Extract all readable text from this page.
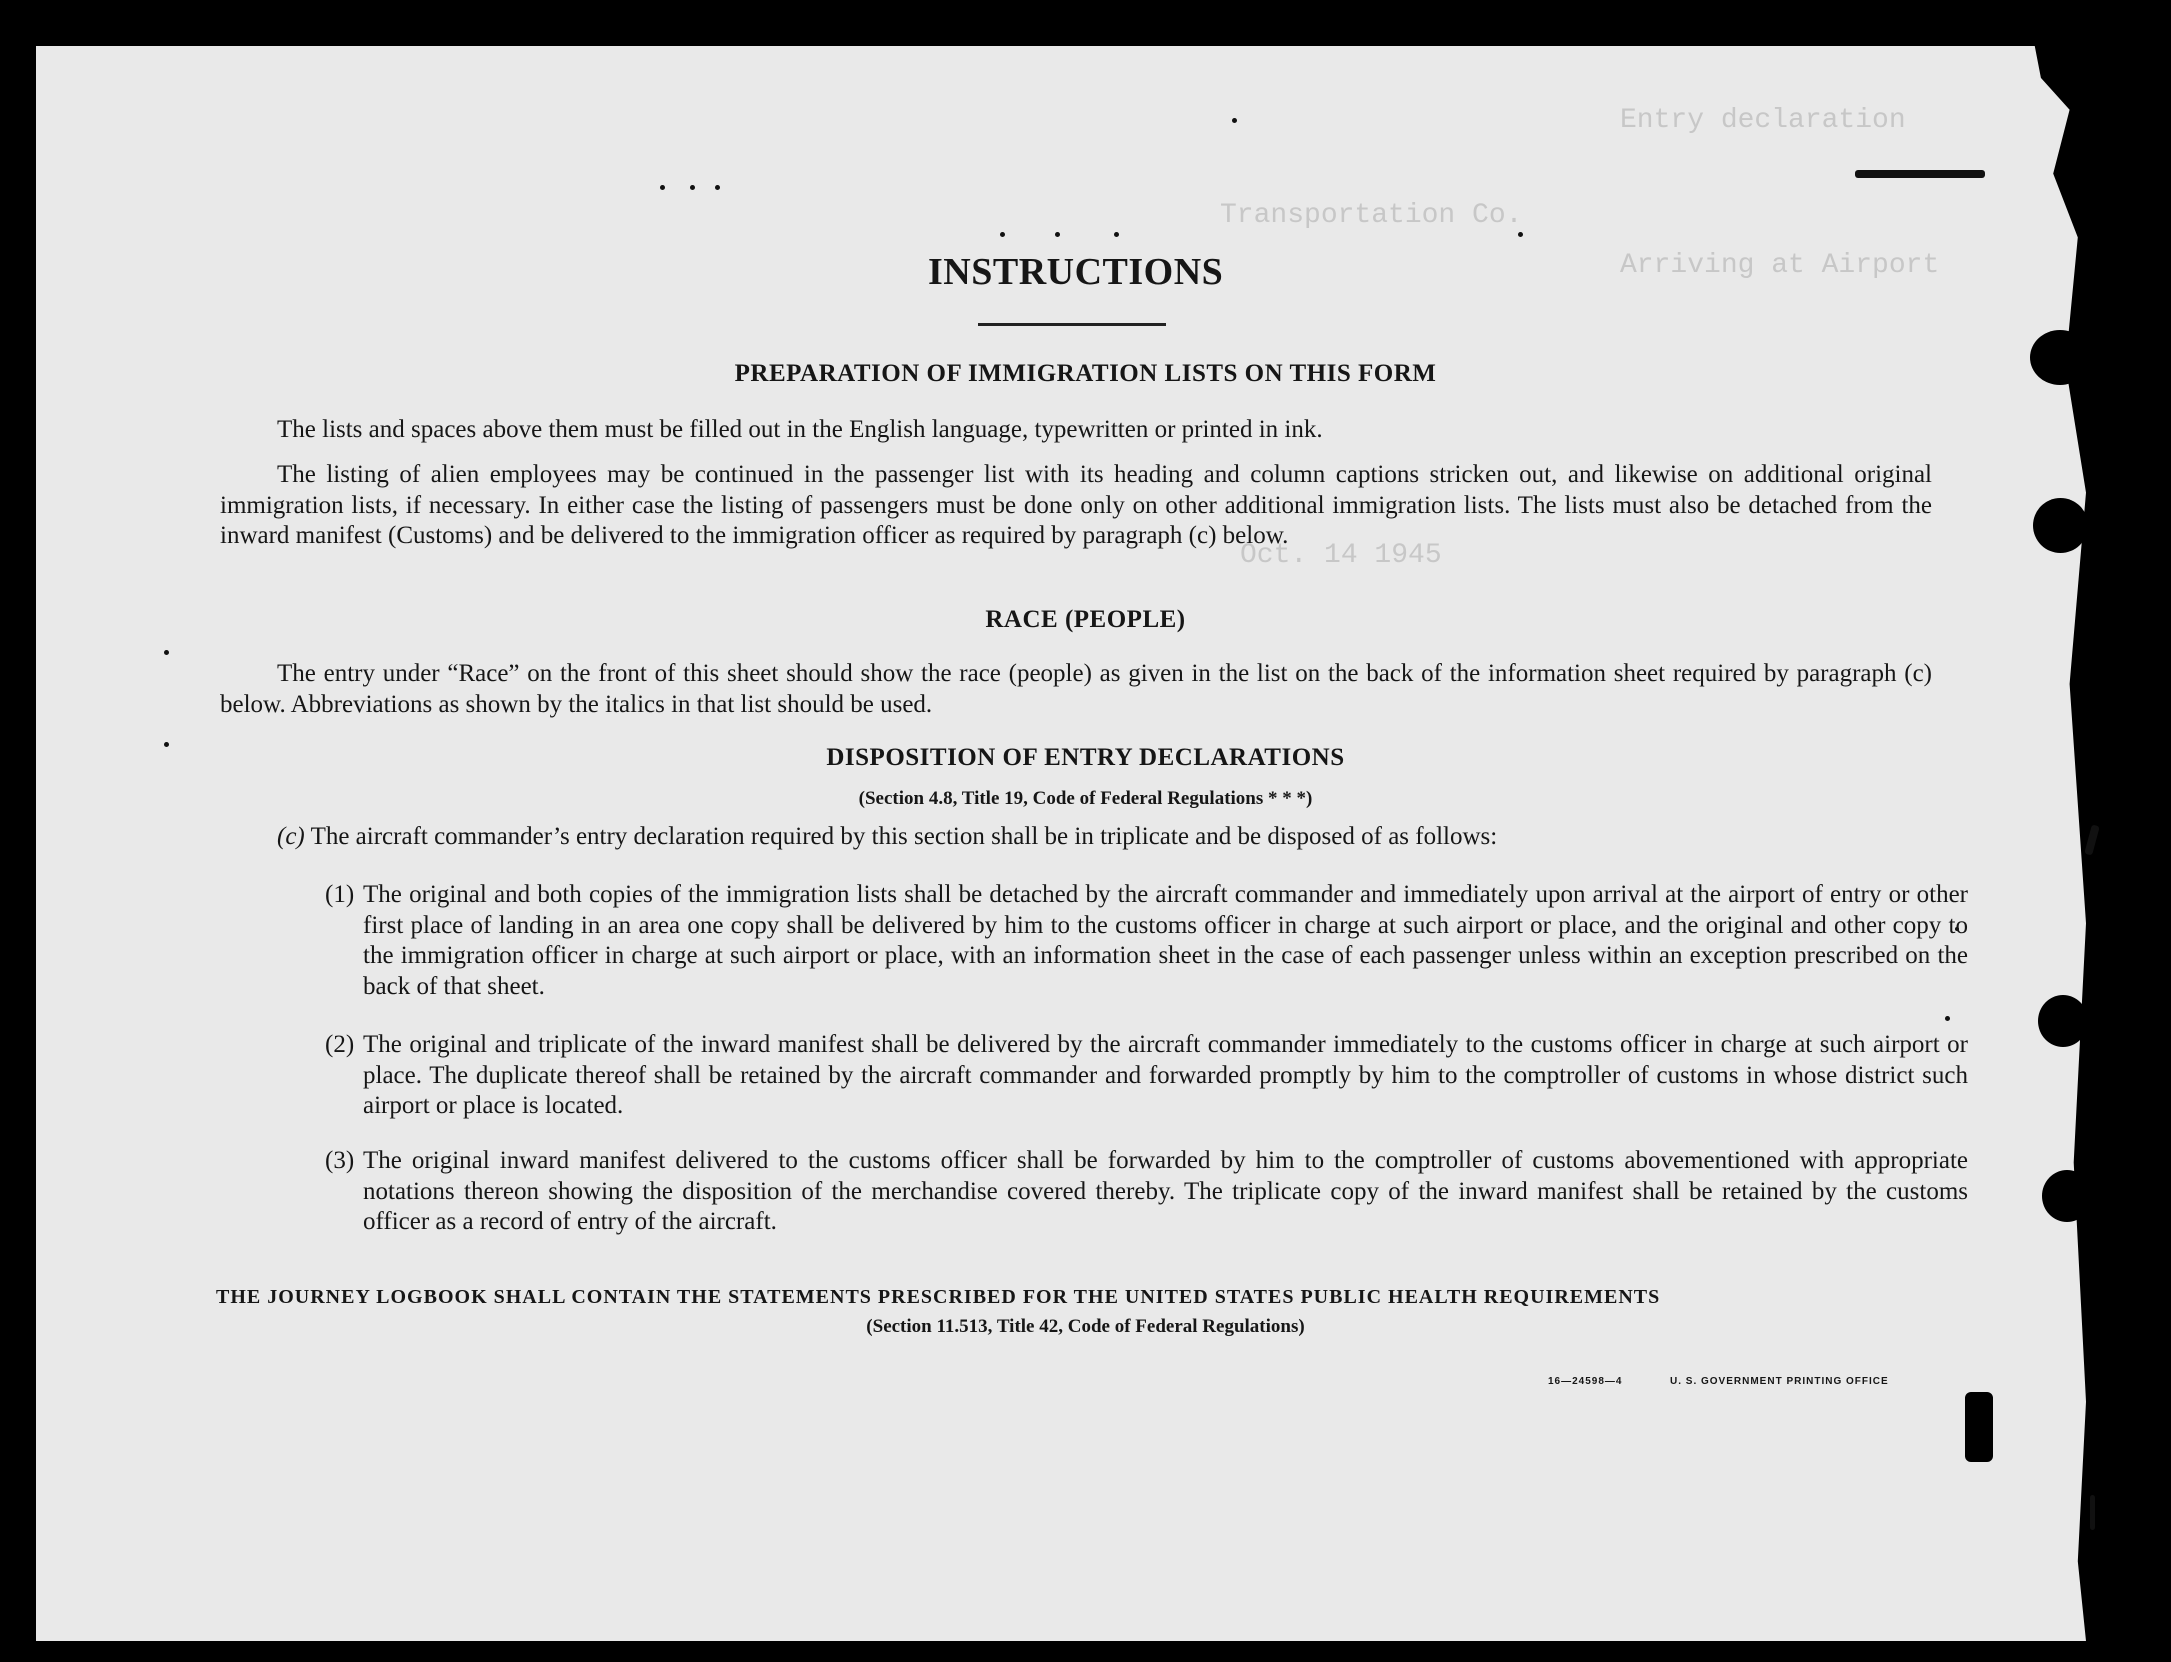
Entry declaration
Transportation Co.
Arriving at Airport
Oct. 14 1945
INSTRUCTIONS
PREPARATION OF IMMIGRATION LISTS ON THIS FORM
The lists and spaces above them must be filled out in the English language, typewritten or printed in ink.
The listing of alien employees may be continued in the passenger list with its heading and column captions stricken out, and likewise on additional original immigration lists, if necessary. In either case the listing of passengers must be done only on other additional immigration lists. The lists must also be detached from the inward manifest (Customs) and be delivered to the immigration officer as required by paragraph (c) below.
RACE (PEOPLE)
The entry under “Race” on the front of this sheet should show the race (people) as given in the list on the back of the information sheet required by paragraph (c) below. Abbreviations as shown by the italics in that list should be used.
DISPOSITION OF ENTRY DECLARATIONS
(Section 4.8, Title 19, Code of Federal Regulations * * *)
(c) The aircraft commander’s entry declaration required by this section shall be in triplicate and be disposed of as follows:
(1) The original and both copies of the immigration lists shall be detached by the aircraft commander and immediately upon arrival at the airport of entry or other first place of landing in an area one copy shall be delivered by him to the customs officer in charge at such airport or place, and the original and other copy to the immigration officer in charge at such airport or place, with an information sheet in the case of each passenger unless within an exception prescribed on the back of that sheet.
(2) The original and triplicate of the inward manifest shall be delivered by the aircraft commander immediately to the customs officer in charge at such airport or place. The duplicate thereof shall be retained by the aircraft commander and forwarded promptly by him to the comptroller of customs in whose district such airport or place is located.
(3) The original inward manifest delivered to the customs officer shall be forwarded by him to the comptroller of customs abovementioned with appropriate notations thereon showing the disposition of the merchandise covered thereby. The triplicate copy of the inward manifest shall be retained by the customs officer as a record of entry of the aircraft.
THE JOURNEY LOGBOOK SHALL CONTAIN THE STATEMENTS PRESCRIBED FOR THE UNITED STATES PUBLIC HEALTH REQUIREMENTS
(Section 11.513, Title 42, Code of Federal Regulations)
16—24598—4	U. S. GOVERNMENT PRINTING OFFICE
